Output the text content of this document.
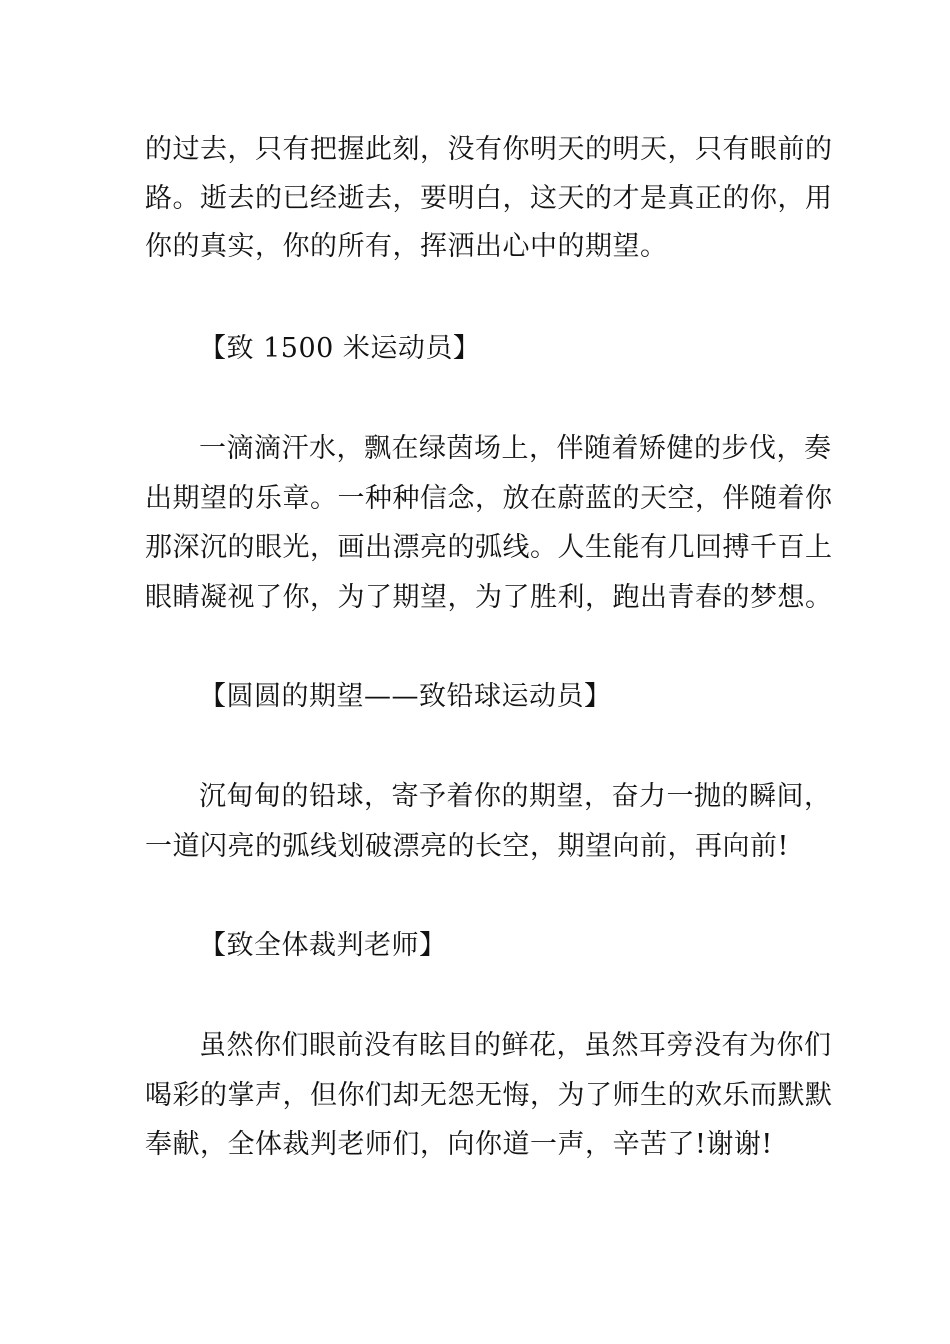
的过去，只有把握此刻，没有你明天的明天，只有眼前的
路。逝去的已经逝去，要明白，这天的才是真正的你，用
你的真实，你的所有，挥洒出心中的期望。
【致 1500 米运动员】
一滴滴汗水，飘在绿茵场上，伴随着矫健的步伐，奏
出期望的乐章。一种种信念，放在蔚蓝的天空，伴随着你
那深沉的眼光，画出漂亮的弧线。人生能有几回搏千百上
眼睛凝视了你，为了期望，为了胜利，跑出青春的梦想。
【圆圆的期望——致铅球运动员】
沉甸甸的铅球，寄予着你的期望，奋力一抛的瞬间，
一道闪亮的弧线划破漂亮的长空，期望向前，再向前!
【致全体裁判老师】
虽然你们眼前没有眩目的鲜花，虽然耳旁没有为你们
喝彩的掌声，但你们却无怨无悔，为了师生的欢乐而默默
奉献，全体裁判老师们，向你道一声，辛苦了!谢谢!
